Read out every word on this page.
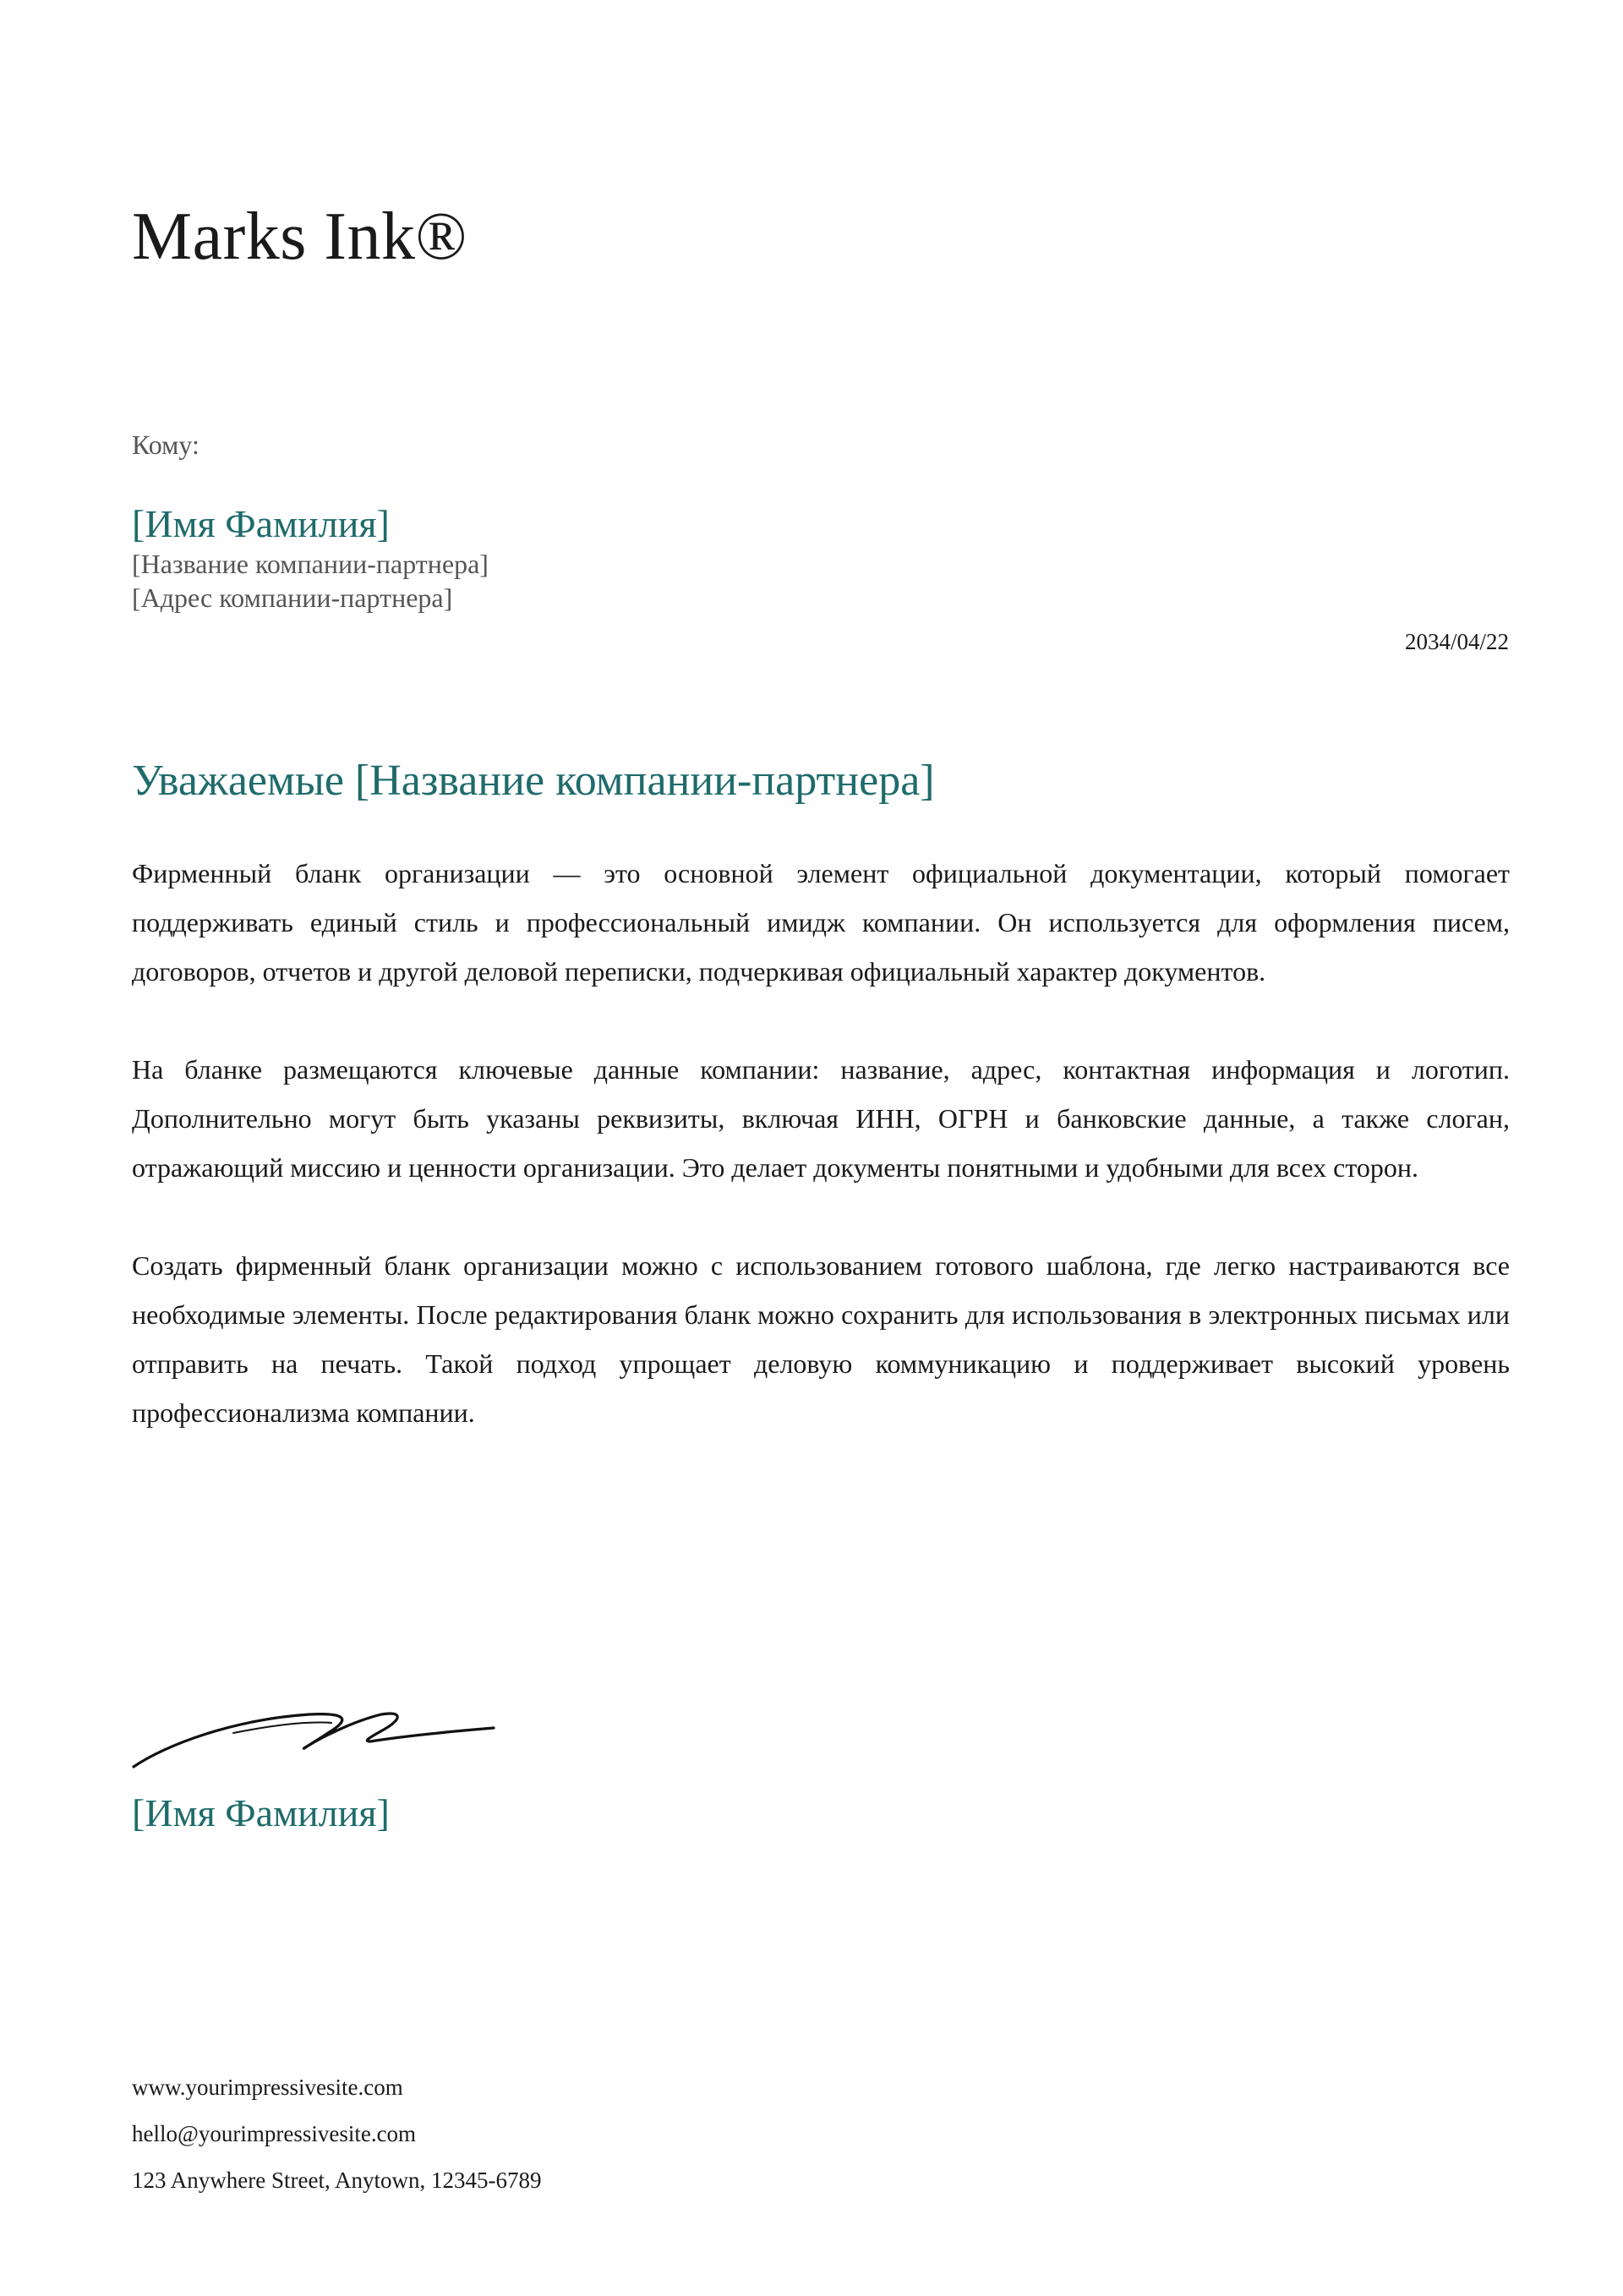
Marks Ink®
Кому:
[Имя Фамилия]
[Название компании-партнера]
[Адрес компании-партнера]
2034/04/22
Уважаемые [Название компании-партнера]

Фирменный бланк организации — это основной элемент официальной документации, который помогает поддерживать единый стиль и профессиональный имидж компании. Он используется для оформления писем, договоров, отчетов и другой деловой переписки, подчеркивая официальный характер документов.

На бланке размещаются ключевые данные компании: название, адрес, контактная информация и логотип. Дополнительно могут быть указаны реквизиты, включая ИНН, ОГРН и банковские данные, а также слоган, отражающий миссию и ценности организации. Это делает документы понятными и удобными для всех сторон.

Создать фирменный бланк организации можно с использованием готового шаблона, где легко настраиваются все необходимые элементы. После редактирования бланк можно сохранить для использования в электронных письмах или отправить на печать. Такой подход упрощает деловую коммуникацию и поддерживает высокий уровень профессионализма компании.

[Имя Фамилия]
www.yourimpressivesite.com
hello@yourimpressivesite.com
123 Anywhere Street, Anytown, 12345-6789
